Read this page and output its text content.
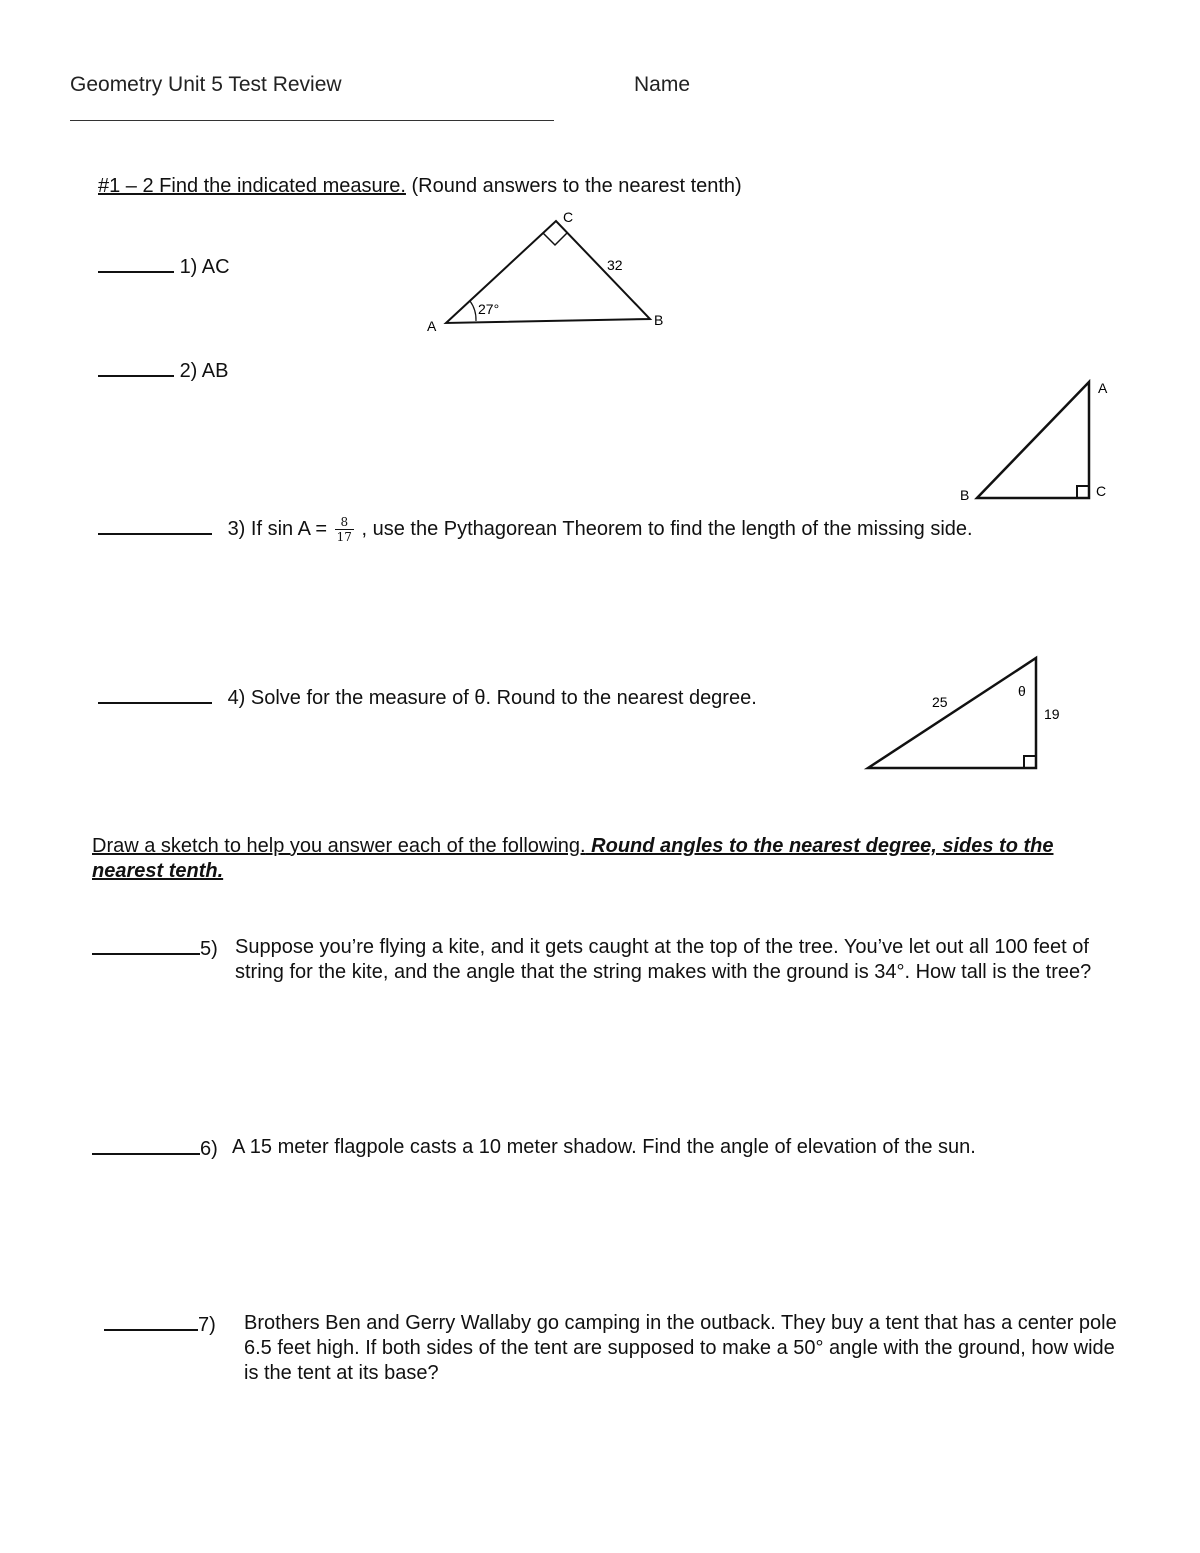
Geometry Unit 5 Test Review	Name
#1 – 2 Find the indicated measure. (Round answers to the nearest tenth)
1) AC
A	B
C
32
27°
2) AB
A
B	C
3) If $\sin A = \frac{8}{17}$ , use the Pythagorean Theorem to find the length of the missing side.
4) Solve for the measure of θ. Round to the nearest degree.	25
19
θ
Draw a sketch to help you answer each of the following. Round angles to the nearest degree, sides to the nearest tenth.
5) Suppose you’re flying a kite, and it gets caught at the top of the tree. You’ve let out all 100 feet of string for the kite, and the angle that the string makes with the ground is 34°. How tall is the tree?
6) A 15 meter flagpole casts a 10 meter shadow. Find the angle of elevation of the sun.
7) Brothers Ben and Gerry Wallaby go camping in the outback. They buy a tent that has a center pole 6.5 feet high. If both sides of the tent are supposed to make a 50° angle with the ground, how wide is the tent at its base?
